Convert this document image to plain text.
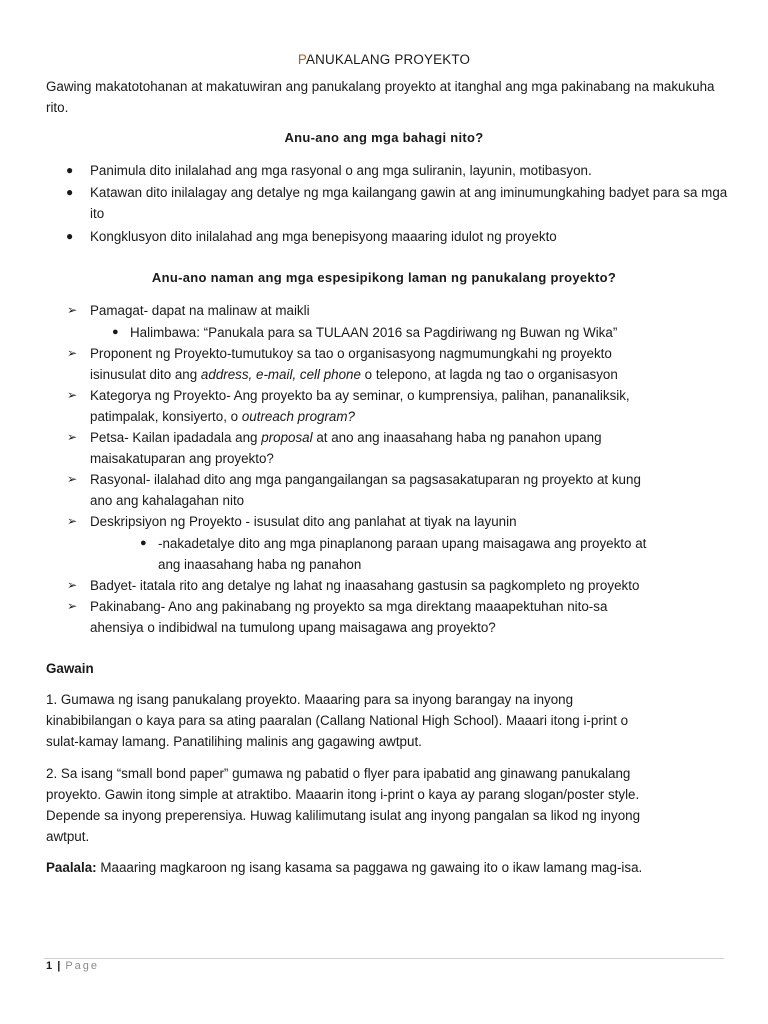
PANUKALANG PROYEKTO
Gawing makatotohanan at makatuwiran ang panukalang proyekto at itanghal ang mga pakinabang na makukuha rito.
Anu-ano ang mga bahagi nito?
● Panimula dito inilalahad ang mga rasyonal o ang mga suliranin, layunin, motibasyon.
● Katawan dito inilalagay ang detalye ng mga kailangang gawin at ang iminumungkahing badyet para sa mga ito
● Kongklusyon dito inilalahad ang mga benepisyong maaaring idulot ng proyekto
Anu-ano naman ang mga espesipikong laman ng panukalang proyekto?
➢ Pamagat- dapat na malinaw at maikli
● Halimbawa: “Panukala para sa TULAAN 2016 sa Pagdiriwang ng Buwan ng Wika”
➢ Proponent ng Proyekto-tumutukoy sa tao o organisasyong nagmumungkahi ng proyekto
isinusulat dito ang address, e-mail, cell phone o telepono, at lagda ng tao o organisasyon
➢ Kategorya ng Proyekto- Ang proyekto ba ay seminar, o kumprensiya, palihan, pananaliksik,
patimpalak, konsiyerto, o outreach program?
➢ Petsa- Kailan ipadadala ang proposal at ano ang inaasahang haba ng panahon upang
maisakatuparan ang proyekto?
➢ Rasyonal- ilalahad dito ang mga pangangailangan sa pagsasakatuparan ng proyekto at kung
ano ang kahalagahan nito
➢ Deskripsiyon ng Proyekto - isusulat dito ang panlahat at tiyak na layunin
● -nakadetalye dito ang mga pinaplanong paraan upang maisagawa ang proyekto at
ang inaasahang haba ng panahon
➢ Badyet- itatala rito ang detalye ng lahat ng inaasahang gastusin sa pagkompleto ng proyekto
➢ Pakinabang- Ano ang pakinabang ng proyekto sa mga direktang maaapektuhan nito-sa
ahensiya o indibidwal na tumulong upang maisagawa ang proyekto?
Gawain
1. Gumawa ng isang panukalang proyekto. Maaaring para sa inyong barangay na inyong
kinabibilangan o kaya para sa ating paaralan (Callang National High School). Maaari itong i-print o
sulat-kamay lamang. Panatilihing malinis ang gagawing awtput.
2. Sa isang “small bond paper” gumawa ng pabatid o flyer para ipabatid ang ginawang panukalang
proyekto. Gawin itong simple at atraktibo. Maaarin itong i-print o kaya ay parang slogan/poster style.
Depende sa inyong preperensiya. Huwag kalilimutang isulat ang inyong pangalan sa likod ng inyong
awtput.
Paalala: Maaaring magkaroon ng isang kasama sa paggawa ng gawaing ito o ikaw lamang mag-isa.
1 | Page
